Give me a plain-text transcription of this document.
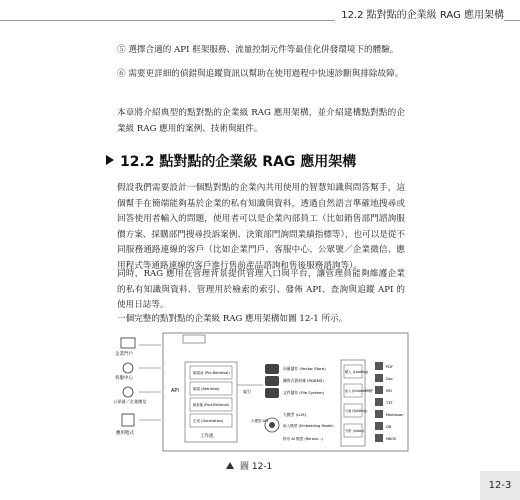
12.2 點對點的企業級 RAG 應用架構

⑤ 選擇合適的 API 框架服務、流量控制元件等最佳化併發環境下的體驗。

⑥ 需要更詳細的偵錯與追蹤資訊以幫助在使用過程中快速診斷與排除故障。

本章將介紹典型的點對點的企業級 RAG 應用架構，並介紹建構點對點的企業級 RAG 應用的案例、技術與組件。

12.2 點對點的企業級 RAG 應用架構

假設我們需要設計一個點對點的企業內共用使用的智慧知識與問答幫手，這個幫手在簡端能夠基於企業的私有知識與資料，透過自然語言準確地搜尋或回答使用者輸入的問題，使用者可以是企業內部員工（比如銷售部門諮詢服價方案、採購部門搜尋投訴案例、決策部門詢問業績指標等），也可以是從不同服務通路連線的客戶（比如企業門戶、客服中心、公眾號／企業微信、應用程式等通路連線的客戶進行售前產品諮詢和售後服務諮詢等）。

同時，RAG 應用在管理背景提供管理入口與平台，讓管理員能夠維護企業的私有知識與資料、管理用於檢索的索引、發佈 API、查詢與追蹤 API 的使用日誌等。

一個完整的點對點的企業級 RAG 應用架構如圖 12-1 所示。

企業門戶
客服中心
公眾號／企業微信
應用程式
API
檢索前 (Pre-Retrieval)
檢索 (Retrieval)
檢索後 (Post-Retrieval)
生成 (Generation)
工作流
索引
向量儲存 (Vector Store)
關係式資料庫 (RDBMS)
文件儲存 (File System)
大模型 API
大模型 (LLM)
嵌入模型 (Embedding Model)
排序 AI 模型 (Rerank...)
載入 (Loading)
嵌入 (Embedding)
分割 (Splitting)
分析 (Index)
PDF
Doc
MD
TXT
Markdown
DB
MBOX
圖 12-1
12-3
